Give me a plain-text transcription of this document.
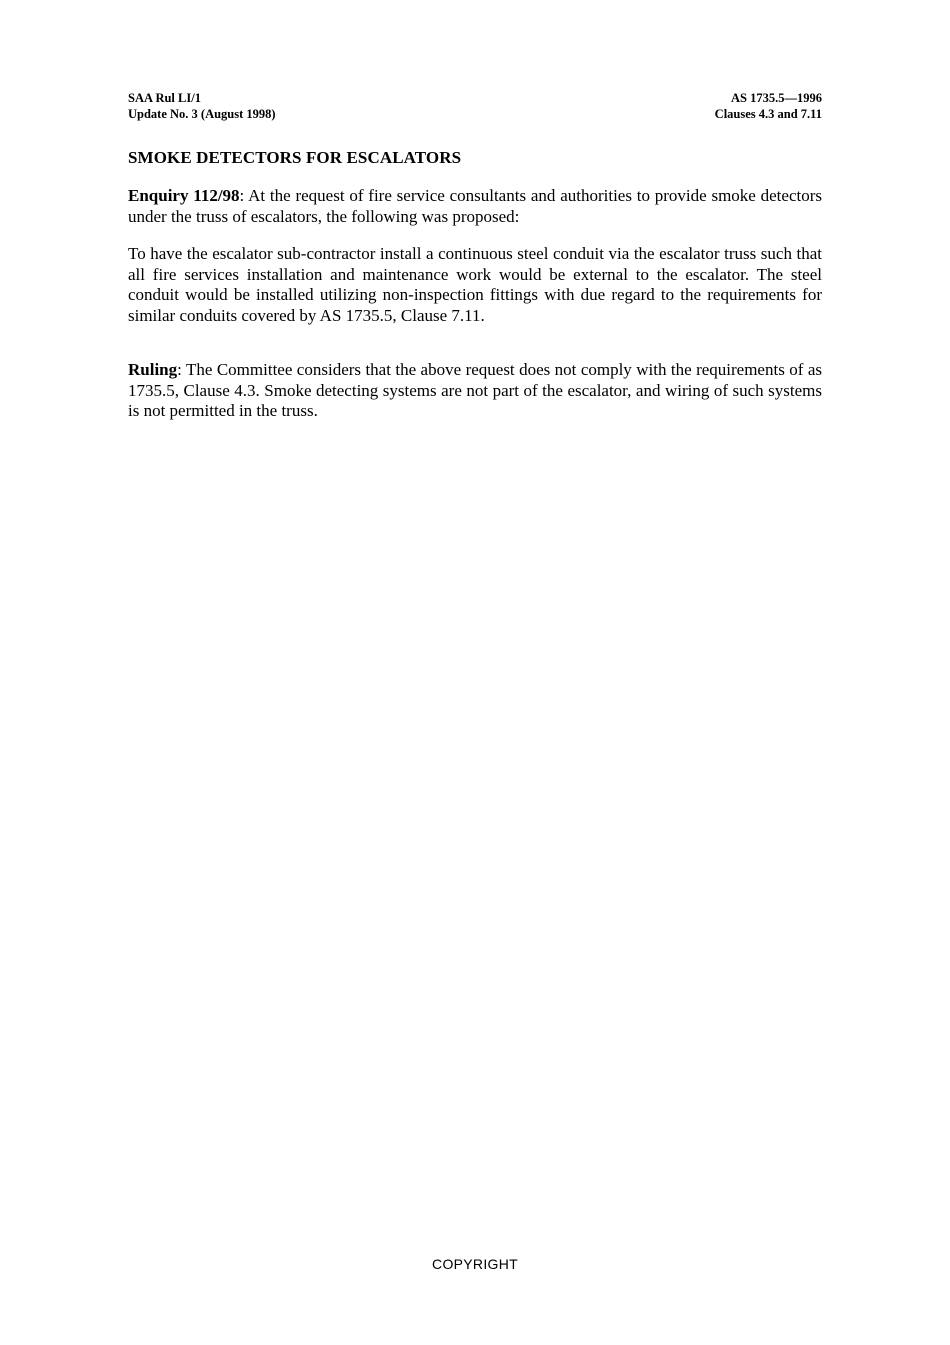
SAA Rul LI/1	AS 1735.5—1996
Update No. 3 (August 1998)	Clauses 4.3 and 7.11
SMOKE DETECTORS FOR ESCALATORS

Enquiry 112/98: At the request of fire service consultants and authorities to provide smoke detectors under the truss of escalators, the following was proposed:

To have the escalator sub-contractor install a continuous steel conduit via the escalator truss such that all fire services installation and maintenance work would be external to the escalator. The steel conduit would be installed utilizing non-inspection fittings with due regard to the requirements for similar conduits covered by AS 1735.5, Clause 7.11.

Ruling: The Committee considers that the above request does not comply with the requirements of as 1735.5, Clause 4.3. Smoke detecting systems are not part of the escalator, and wiring of such systems is not permitted in the truss.

COPYRIGHT
